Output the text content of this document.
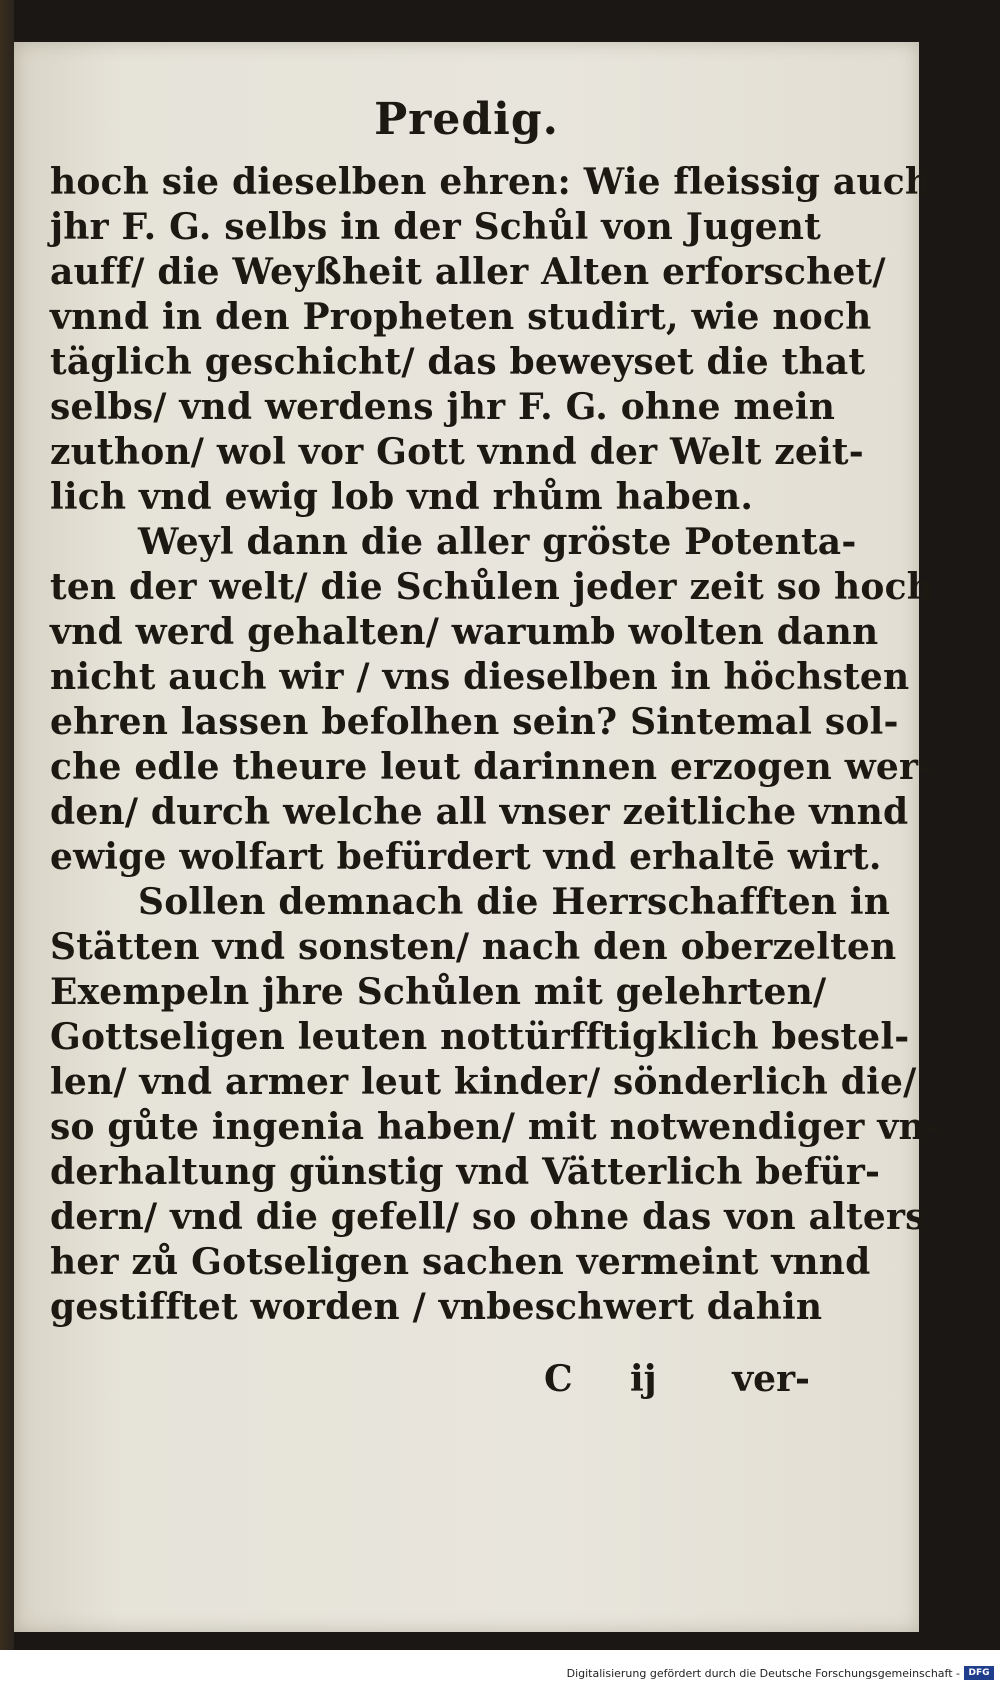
Predig.
hoch sie dieselben ehren: Wie fleissig auch
jhr F. G. selbs in der Schůl von Jugent
auff/ die Weyßheit aller Alten erforschet/
vnnd in den Propheten studirt, wie noch
täglich geschicht/ das beweyset die that
selbs/ vnd werdens jhr F. G. ohne mein
zuthon/ wol vor Gott vnnd der Welt zeit-
lich vnd ewig lob vnd rhům haben.
Weyl dann die aller gröste Potenta-
ten der welt/ die Schůlen jeder zeit so hoch
vnd werd gehalten/ warumb wolten dann
nicht auch wir / vns dieselben in höchsten
ehren lassen befolhen sein? Sintemal sol-
che edle theure leut darinnen erzogen wer-
den/ durch welche all vnser zeitliche vnnd
ewige wolfart befürdert vnd erhaltē wirt.
Sollen demnach die Herrschafften in
Stätten vnd sonsten/ nach den oberzelten
Exempeln jhre Schůlen mit gelehrten/
Gottseligen leuten nottürfftigklich bestel-
len/ vnd armer leut kinder/ sönderlich die/
so gůte ingenia haben/ mit notwendiger vn-
derhaltung günstig vnd Vätterlich befür-
dern/ vnd die gefell/ so ohne das von alters
her zů Gotseligen sachen vermeint vnnd
gestifftet worden / vnbeschwert dahin
C ij ver-
Digitalisierung gefördert durch die Deutsche Forschungsgemeinschaft - DFG
